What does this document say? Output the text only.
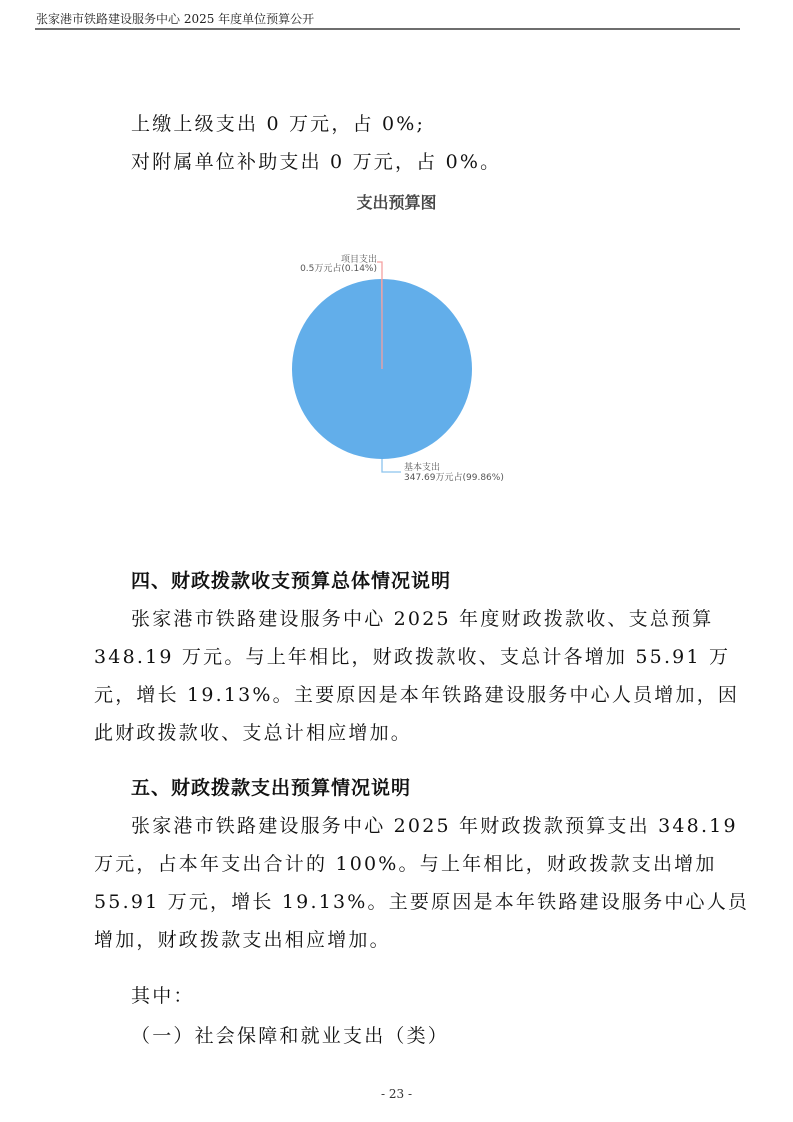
张家港市铁路建设服务中心 2025 年度单位预算公开
上缴上级支出 0 万元，占 0%;
对附属单位补助支出 0 万元，占 0%。
支出预算图
项目支出
0.5万元占(0.14%)
基本支出
347.69万元占(99.86%)
四、财政拨款收支预算总体情况说明
张家港市铁路建设服务中心 2025 年度财政拨款收、支总预算
348.19 万元。与上年相比，财政拨款收、支总计各增加 55.91 万
元，增长 19.13%。主要原因是本年铁路建设服务中心人员增加，因
此财政拨款收、支总计相应增加。
五、财政拨款支出预算情况说明
张家港市铁路建设服务中心 2025 年财政拨款预算支出 348.19
万元，占本年支出合计的 100%。与上年相比，财政拨款支出增加
55.91 万元，增长 19.13%。主要原因是本年铁路建设服务中心人员
增加，财政拨款支出相应增加。
其中：
（一）社会保障和就业支出（类）
- 23 -
